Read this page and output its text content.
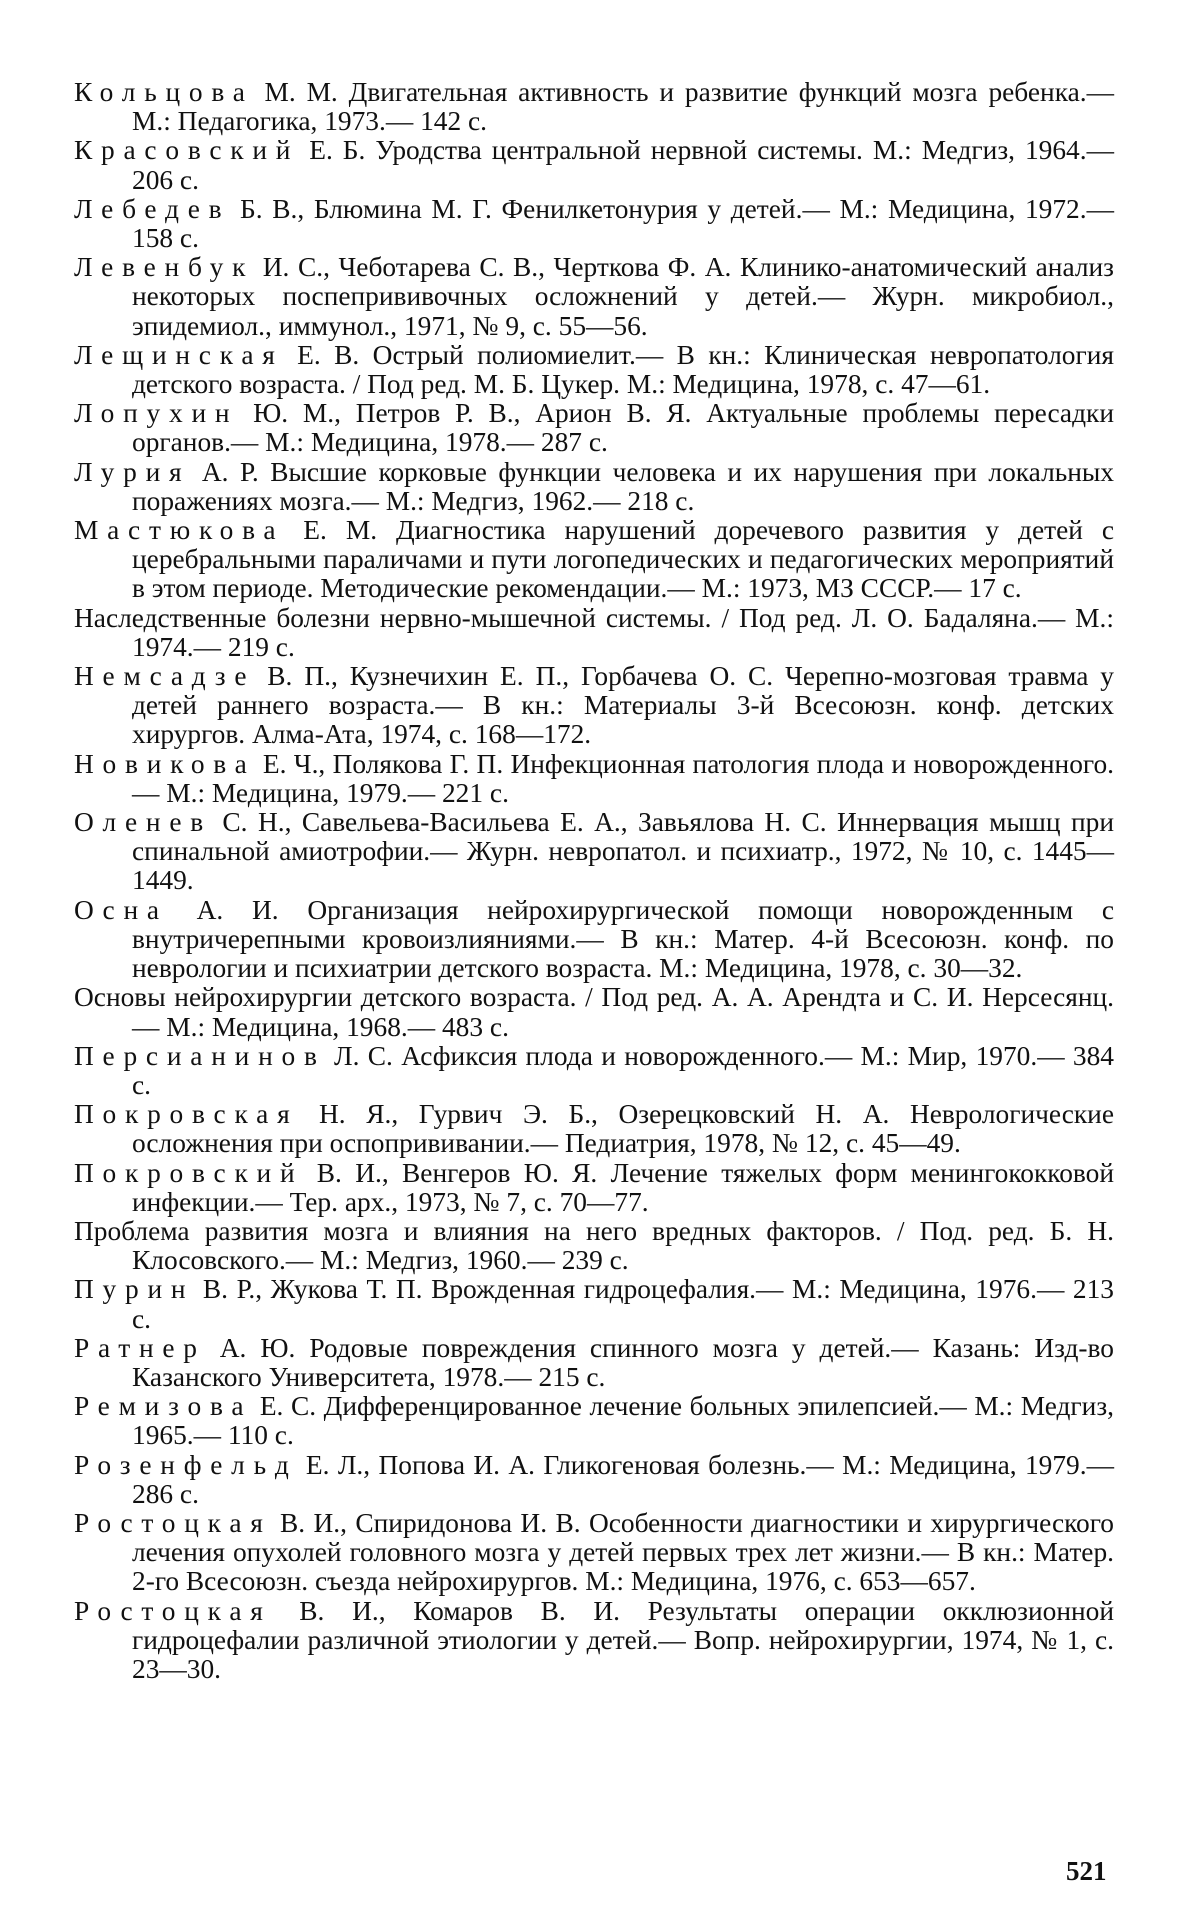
Кольцова М. М. Двигательная активность и развитие функций мозга ребенка.— М.: Педагогика, 1973.— 142 с.

Красовский Е. Б. Уродства центральной нервной системы. М.: Медгиз, 1964.— 206 с.

Лебедев Б. В., Блюмина М. Г. Фенилкетонурия у детей.— М.: Медицина, 1972.— 158 с.

Левенбук И. С., Чеботарева С. В., Черткова Ф. А. Клинико-анатомический анализ некоторых поспепрививочных осложнений у детей.— Журн. микробиол., эпидемиол., иммунол., 1971, № 9, с. 55—56.

Лещинская Е. В. Острый полиомиелит.— В кн.: Клиническая невропатология детского возраста. / Под ред. М. Б. Цукер. М.: Медицина, 1978, с. 47—61.

Лопухин Ю. М., Петров Р. В., Арион В. Я. Актуальные проблемы пересадки органов.— М.: Медицина, 1978.— 287 с.

Лурия А. Р. Высшие корковые функции человека и их нарушения при локальных поражениях мозга.— М.: Медгиз, 1962.— 218 с.

Мастюкова Е. М. Диагностика нарушений доречевого развития у детей с церебральными параличами и пути логопедических и педагогических мероприятий в этом периоде. Методические рекомендации.— М.: 1973, МЗ СССР.— 17 с.

Наследственные болезни нервно-мышечной системы. / Под ред. Л. О. Бадаляна.— М.: 1974.— 219 с.

Немсадзе В. П., Кузнечихин Е. П., Горбачева О. С. Черепно-мозговая травма у детей раннего возраста.— В кн.: Материалы 3-й Всесоюзн. конф. детских хирургов. Алма-Ата, 1974, с. 168—172.

Новикова Е. Ч., Полякова Г. П. Инфекционная патология плода и новорожденного.— М.: Медицина, 1979.— 221 с.

Оленев С. Н., Савельева-Васильева Е. А., Завьялова Н. С. Иннервация мышц при спинальной амиотрофии.— Журн. невропатол. и психиатр., 1972, № 10, с. 1445—1449.

Осна А. И. Организация нейрохирургической помощи новорожденным с внутричерепными кровоизлияниями.— В кн.: Матер. 4-й Всесоюзн. конф. по неврологии и психиатрии детского возраста. М.: Медицина, 1978, с. 30—32.

Основы нейрохирургии детского возраста. / Под ред. А. А. Арендта и С. И. Нерсесянц.— М.: Медицина, 1968.— 483 с.

Персианинов Л. С. Асфиксия плода и новорожденного.— М.: Мир, 1970.— 384 с.

Покровская Н. Я., Гурвич Э. Б., Озерецковский Н. А. Неврологические осложнения при оспопрививании.— Педиатрия, 1978, № 12, с. 45—49.

Покровский В. И., Венгеров Ю. Я. Лечение тяжелых форм менингококковой инфекции.— Тер. арх., 1973, № 7, с. 70—77.

Проблема развития мозга и влияния на него вредных факторов. / Под. ред. Б. Н. Клосовского.— М.: Медгиз, 1960.— 239 с.

Пурин В. Р., Жукова Т. П. Врожденная гидроцефалия.— М.: Медицина, 1976.— 213 с.

Ратнер А. Ю. Родовые повреждения спинного мозга у детей.— Казань: Изд-во Казанского Университета, 1978.— 215 с.

Ремизова Е. С. Дифференцированное лечение больных эпилепсией.— М.: Медгиз, 1965.— 110 с.

Розенфельд Е. Л., Попова И. А. Гликогеновая болезнь.— М.: Медицина, 1979.— 286 с.

Ростоцкая В. И., Спиридонова И. В. Особенности диагностики и хирургического лечения опухолей головного мозга у детей первых трех лет жизни.— В кн.: Матер. 2-го Всесоюзн. съезда нейрохирургов. М.: Медицина, 1976, с. 653—657.

Ростоцкая В. И., Комаров В. И. Результаты операции окклюзионной гидроцефалии различной этиологии у детей.— Вопр. нейрохирургии, 1974, № 1, с. 23—30.

521
